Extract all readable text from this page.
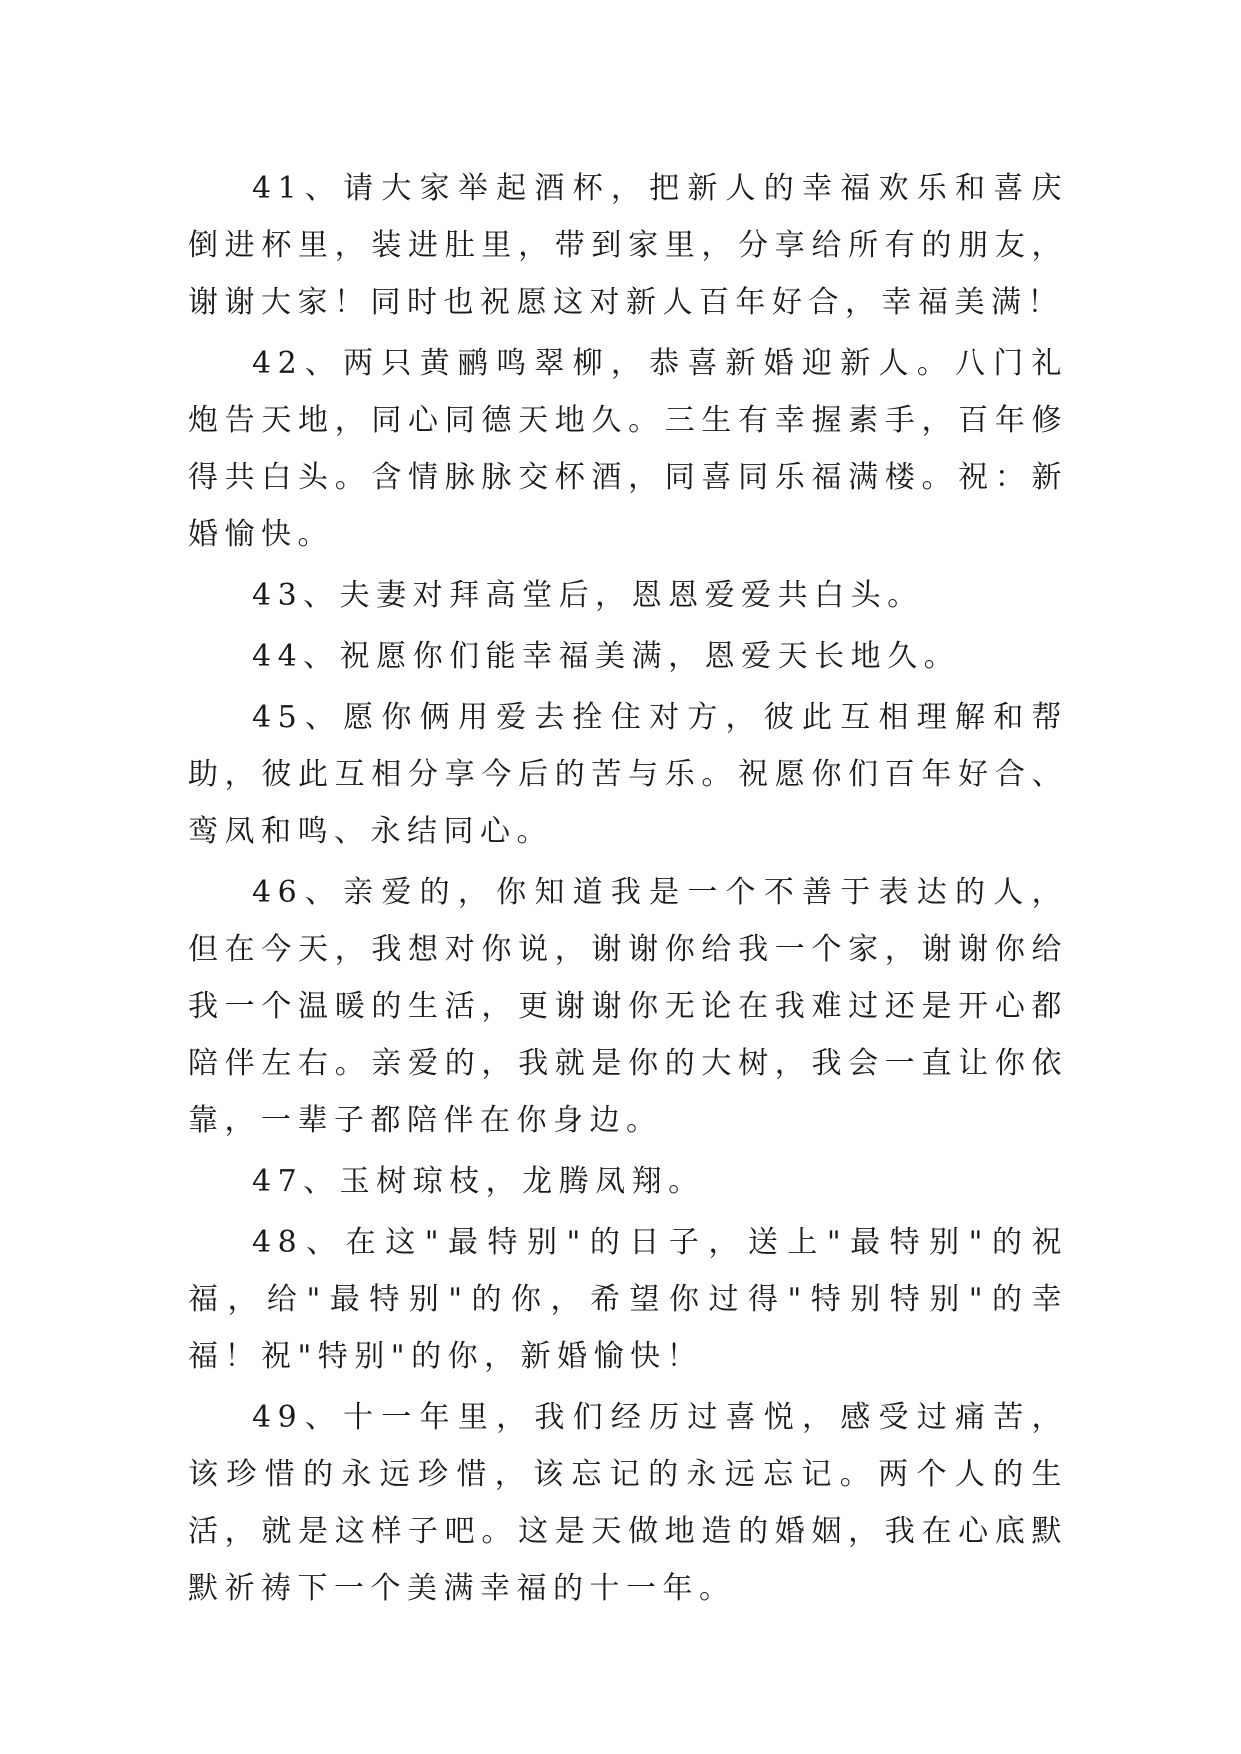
41、请大家举起酒杯，把新人的幸福欢乐和喜庆倒进杯里，装进肚里，带到家里，分享给所有的朋友，谢谢大家！同时也祝愿这对新人百年好合，幸福美满！

42、两只黄鹂鸣翠柳，恭喜新婚迎新人。八门礼炮告天地，同心同德天地久。三生有幸握素手，百年修得共白头。含情脉脉交杯酒，同喜同乐福满楼。祝：新婚愉快。

43、夫妻对拜高堂后，恩恩爱爱共白头。

44、祝愿你们能幸福美满，恩爱天长地久。

45、愿你俩用爱去拴住对方，彼此互相理解和帮助，彼此互相分享今后的苦与乐。祝愿你们百年好合、鸾凤和鸣、永结同心。

46、亲爱的，你知道我是一个不善于表达的人，但在今天，我想对你说，谢谢你给我一个家，谢谢你给我一个温暖的生活，更谢谢你无论在我难过还是开心都陪伴左右。亲爱的，我就是你的大树，我会一直让你依靠，一辈子都陪伴在你身边。

47、玉树琼枝，龙腾凤翔。

48、在这"最特别"的日子，送上"最特别"的祝福，给"最特别"的你，希望你过得"特别特别"的幸福！祝"特别"的你，新婚愉快！

49、十一年里，我们经历过喜悦，感受过痛苦，该珍惜的永远珍惜，该忘记的永远忘记。两个人的生活，就是这样子吧。这是天做地造的婚姻，我在心底默默祈祷下一个美满幸福的十一年。
